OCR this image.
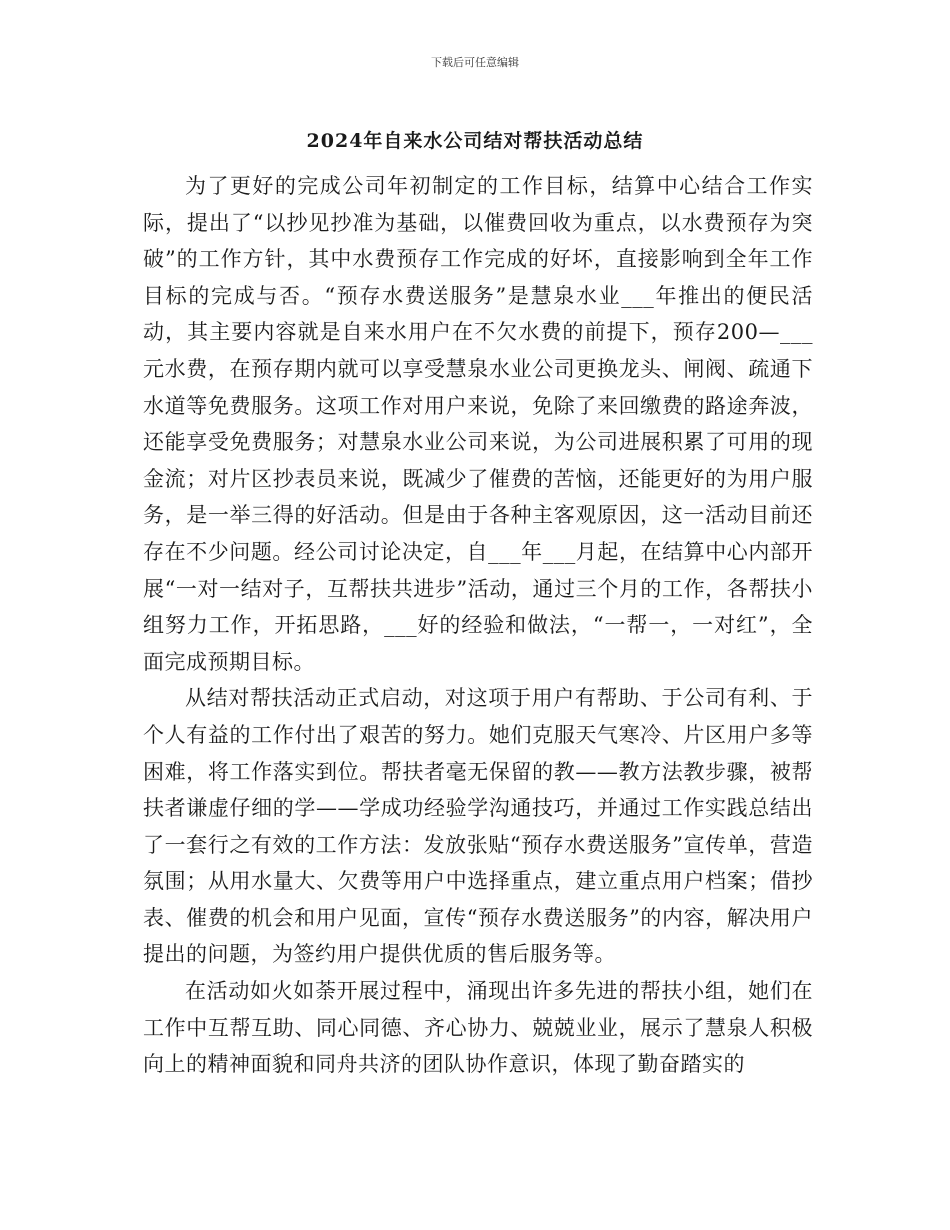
下载后可任意编辑
2024年自来水公司结对帮扶活动总结

为了更好的完成公司年初制定的工作目标，结算中心结合工作实际，提出了“以抄见抄准为基础，以催费回收为重点，以水费预存为突破”的工作方针，其中水费预存工作完成的好坏，直接影响到全年工作目标的完成与否。“预存水费送服务”是慧泉水业___年推出的便民活动，其主要内容就是自来水用户在不欠水费的前提下，预存200—___元水费，在预存期内就可以享受慧泉水业公司更换龙头、闸阀、疏通下水道等免费服务。这项工作对用户来说，免除了来回缴费的路途奔波，还能享受免费服务；对慧泉水业公司来说，为公司进展积累了可用的现金流；对片区抄表员来说，既减少了催费的苦恼，还能更好的为用户服务，是一举三得的好活动。但是由于各种主客观原因，这一活动目前还存在不少问题。经公司讨论决定，自___年___月起，在结算中心内部开展“一对一结对子，互帮扶共进步”活动，通过三个月的工作，各帮扶小组努力工作，开拓思路，___好的经验和做法，“一帮一，一对红”，全面完成预期目标。

从结对帮扶活动正式启动，对这项于用户有帮助、于公司有利、于个人有益的工作付出了艰苦的努力。她们克服天气寒冷、片区用户多等困难，将工作落实到位。帮扶者毫无保留的教——教方法教步骤，被帮扶者谦虚仔细的学——学成功经验学沟通技巧，并通过工作实践总结出了一套行之有效的工作方法：发放张贴“预存水费送服务”宣传单，营造氛围；从用水量大、欠费等用户中选择重点，建立重点用户档案；借抄表、催费的机会和用户见面，宣传“预存水费送服务”的内容，解决用户提出的问题，为签约用户提供优质的售后服务等。

在活动如火如荼开展过程中，涌现出许多先进的帮扶小组，她们在工作中互帮互助、同心同德、齐心协力、兢兢业业，展示了慧泉人积极向上的精神面貌和同舟共济的团队协作意识，体现了勤奋踏实的
